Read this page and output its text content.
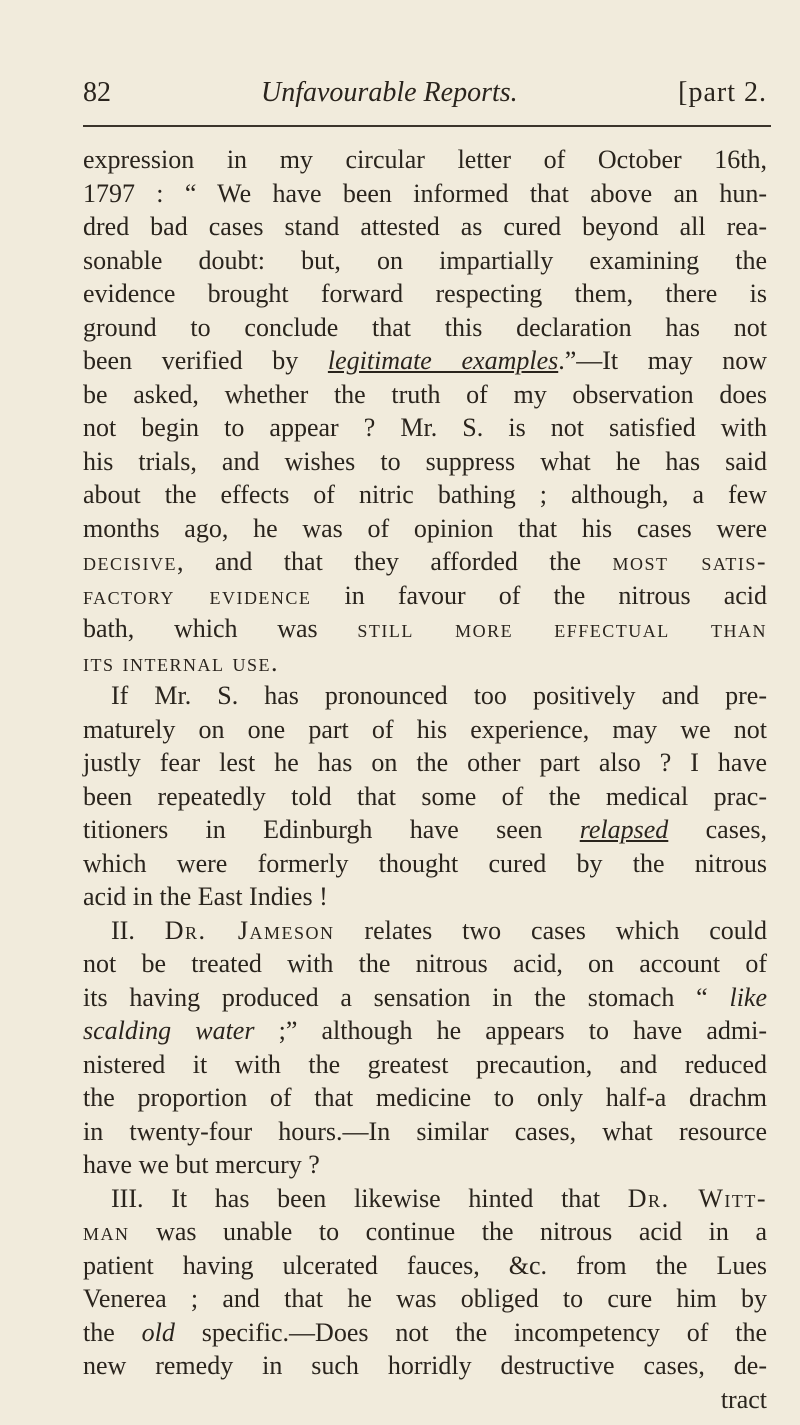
82	Unfavourable Reports.	[part 2.
expression in my circular letter of October 16th,
1797 : “ We have been informed that above an hun-
dred bad cases stand attested as cured beyond all rea-
sonable doubt: but, on impartially examining the
evidence brought forward respecting them, there is
ground to conclude that this declaration has not
been verified by legitimate examples.”—It may now
be asked, whether the truth of my observation does
not begin to appear ? Mr. S. is not satisfied with
his trials, and wishes to suppress what he has said
about the effects of nitric bathing ; although, a few
months ago, he was of opinion that his cases were
decisive, and that they afforded the most satis-
factory evidence in favour of the nitrous acid
bath, which was still more effectual than
its internal use.
If Mr. S. has pronounced too positively and pre-
maturely on one part of his experience, may we not
justly fear lest he has on the other part also ? I have
been repeatedly told that some of the medical prac-
titioners in Edinburgh have seen relapsed cases,
which were formerly thought cured by the nitrous
acid in the East Indies !
II. Dr. Jameson relates two cases which could
not be treated with the nitrous acid, on account of
its having produced a sensation in the stomach “ like
scalding water ;” although he appears to have admi-
nistered it with the greatest precaution, and reduced
the proportion of that medicine to only half-a drachm
in twenty-four hours.—In similar cases, what resource
have we but mercury ?
III. It has been likewise hinted that Dr. Witt-
man was unable to continue the nitrous acid in a
patient having ulcerated fauces, &c. from the Lues
Venerea ; and that he was obliged to cure him by
the old specific.—Does not the incompetency of the
new remedy in such horridly destructive cases, de-
tract
